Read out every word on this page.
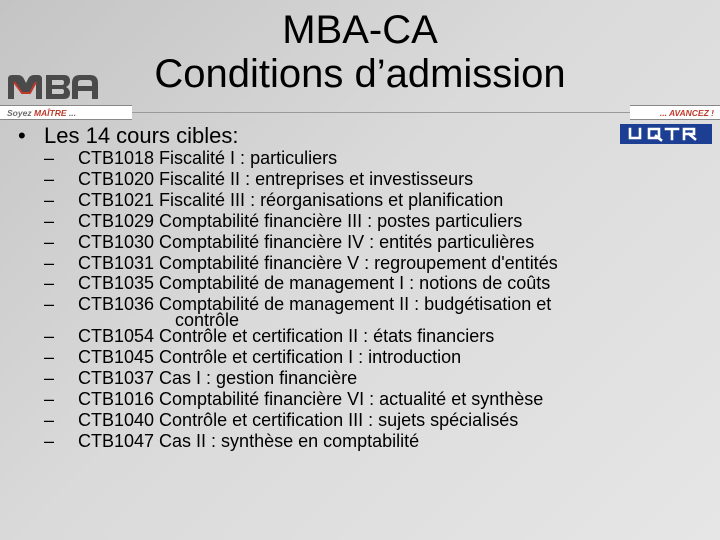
MBA-CA
Conditions d’admission
Soyez MAÎTRE ...	... AVANCEZ !
• Les 14 cours cibles:
– CTB1018 Fiscalité I : particuliers
– CTB1020 Fiscalité II : entreprises et investisseurs
– CTB1021 Fiscalité III : réorganisations et planification
– CTB1029 Comptabilité financière III : postes particuliers
– CTB1030 Comptabilité financière IV : entités particulières
– CTB1031 Comptabilité financière V : regroupement d'entités
– CTB1035 Comptabilité de management I : notions de coûts
– CTB1036 Comptabilité de management II : budgétisation et
contrôle
– CTB1054 Contrôle et certification II : états financiers
– CTB1045 Contrôle et certification I : introduction
– CTB1037 Cas I : gestion financière
– CTB1016 Comptabilité financière VI : actualité et synthèse
– CTB1040 Contrôle et certification III : sujets spécialisés
– CTB1047 Cas II : synthèse en comptabilité
